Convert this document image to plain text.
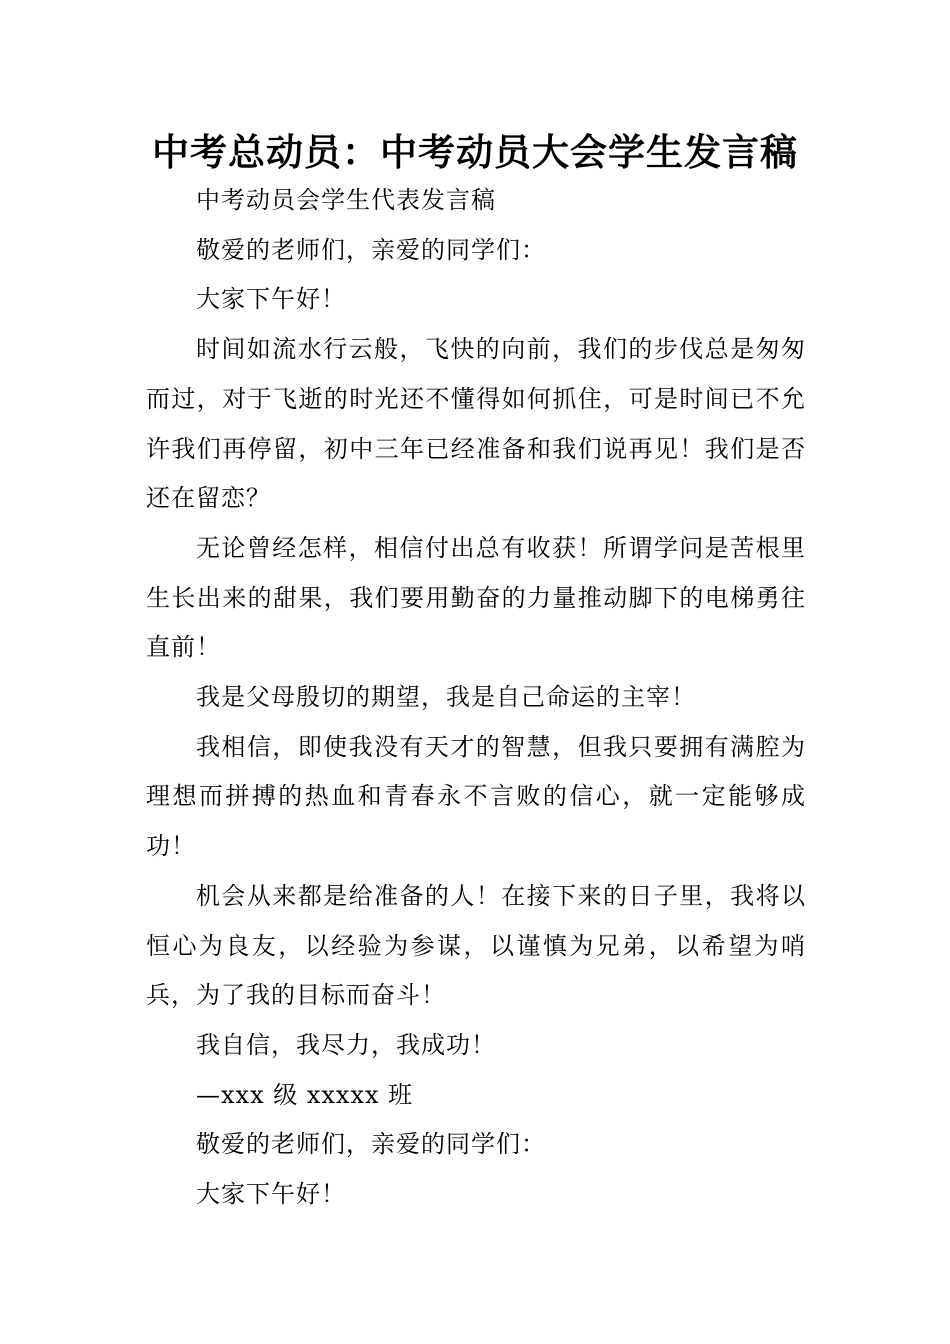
中考总动员：中考动员大会学生发言稿

中考动员会学生代表发言稿

敬爱的老师们，亲爱的同学们：

大家下午好！

时间如流水行云般，飞快的向前，我们的步伐总是匆匆而过，对于飞逝的时光还不懂得如何抓住，可是时间已不允许我们再停留，初中三年已经准备和我们说再见！我们是否还在留恋？

无论曾经怎样，相信付出总有收获！所谓学问是苦根里生长出来的甜果，我们要用勤奋的力量推动脚下的电梯勇往直前！

我是父母殷切的期望，我是自己命运的主宰！

我相信，即使我没有天才的智慧，但我只要拥有满腔为理想而拼搏的热血和青春永不言败的信心，就一定能够成功！

机会从来都是给准备的人！在接下来的日子里，我将以恒心为良友，以经验为参谋，以谨慎为兄弟，以希望为哨兵，为了我的目标而奋斗！

我自信，我尽力，我成功！

—xxx 级 xxxxx 班

敬爱的老师们，亲爱的同学们：

大家下午好！
